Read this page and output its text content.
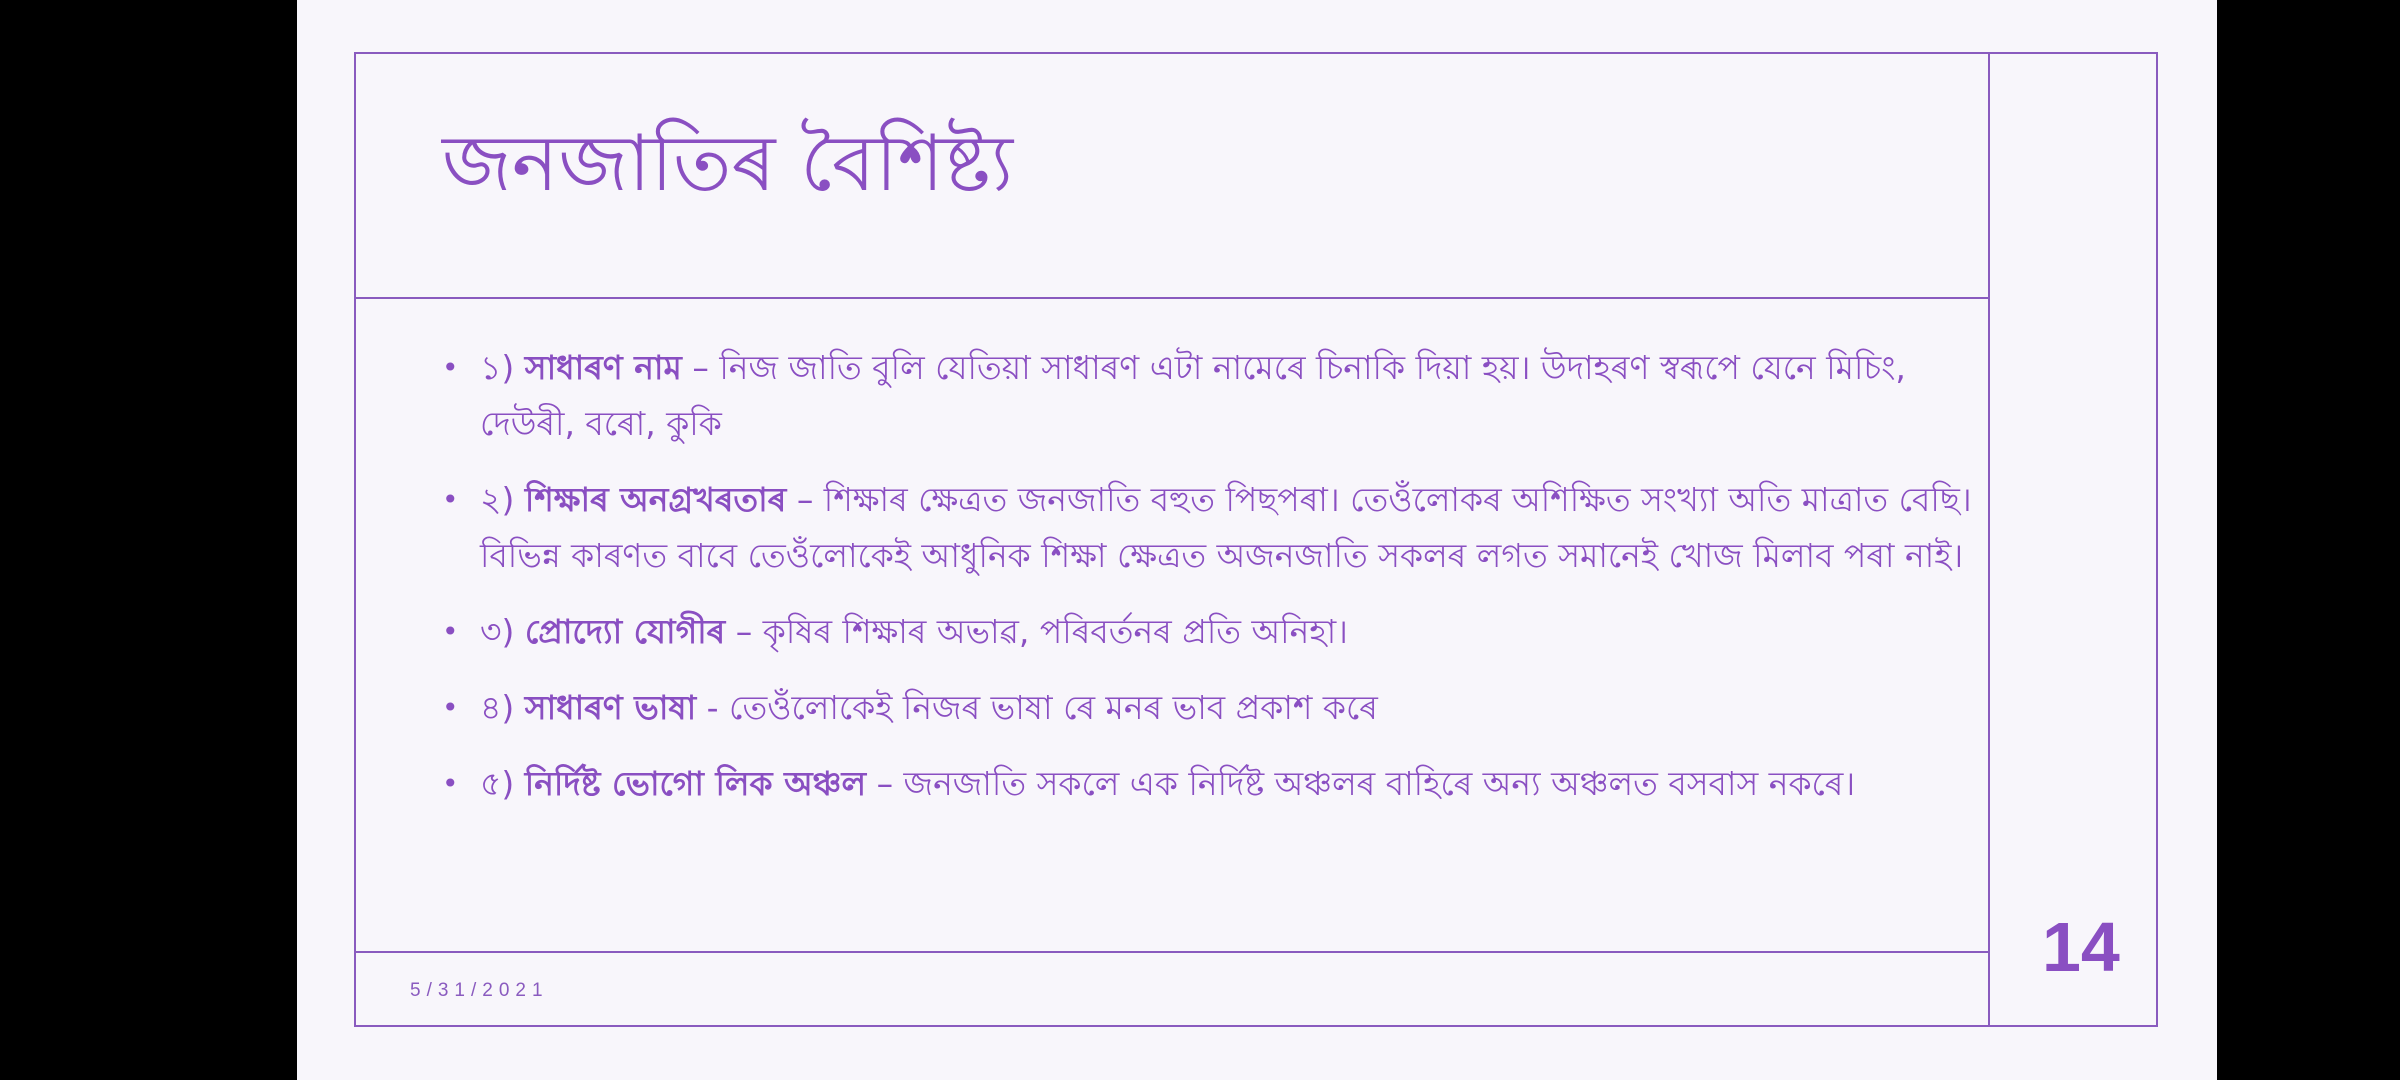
জনজাতিৰ বৈশিষ্ট্য
• ১) সাধাৰণ নাম – নিজ জাতি বুলি যেতিয়া সাধাৰণ এটা নামেৰে চিনাকি দিয়া হয়। উদাহৰণ স্বৰূপে যেনে মিচিং, দেউৰী, বৰো, কুকি
• ২) শিক্ষাৰ অনগ্ৰখৰতাৰ – শিক্ষাৰ ক্ষেত্ৰত জনজাতি বহুত পিছপৰা। তেওঁলোকৰ অশিক্ষিত সংখ্যা অতি মাত্ৰাত বেছি। বিভিন্ন কাৰণত বাবে তেওঁলোকেই আধুনিক শিক্ষা ক্ষেত্ৰত অজনজাতি সকলৰ লগত সমানেই খোজ মিলাব পৰা নাই।
• ৩) প্ৰোদ্যো যোগীৰ – কৃষিৰ শিক্ষাৰ অভাৱ, পৰিবৰ্তনৰ প্ৰতি অনিহা।
• ৪) সাধাৰণ ভাষা - তেওঁলোকেই নিজৰ ভাষা ৰে মনৰ ভাব প্ৰকাশ কৰে
• ৫) নিৰ্দিষ্ট ভোগো লিক অঞ্চল – জনজাতি সকলে এক নিৰ্দিষ্ট অঞ্চলৰ বাহিৰে অন্য অঞ্চলত বসবাস নকৰে।
5/31/2021
14
